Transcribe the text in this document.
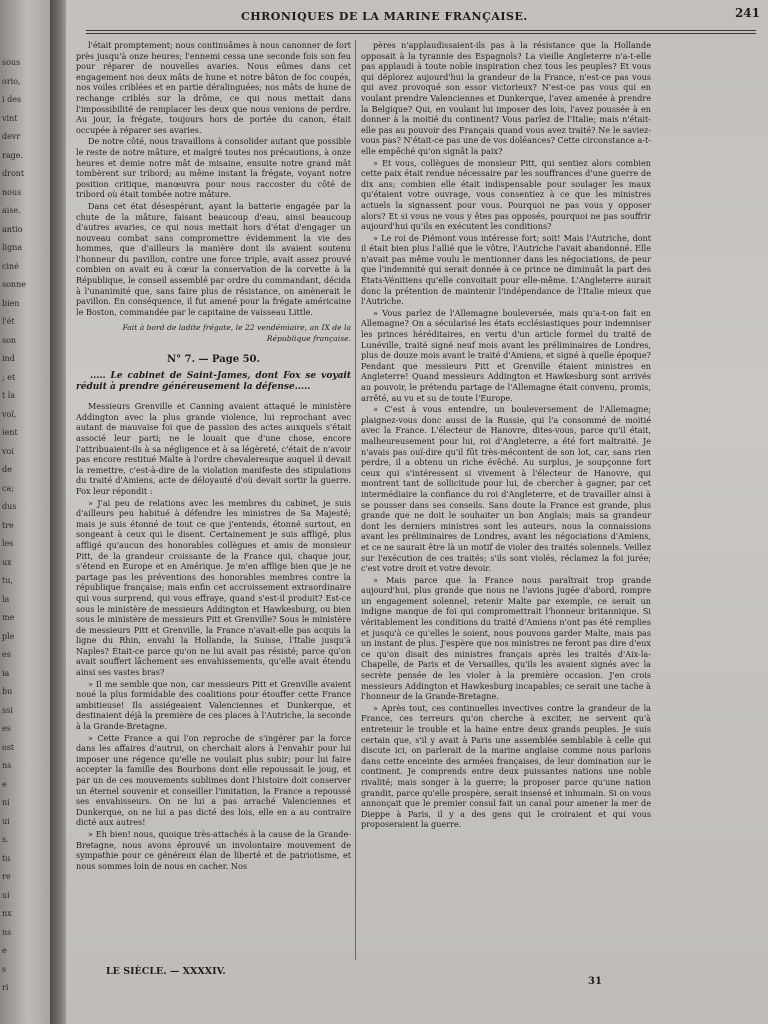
sous
orio,
i des
vint
devr
rage.
dront
nous
aise.
antio
ligna
ciné
sonne
bien
l'ét
son
ind
; et
t la
voï,
ient
voi
de
ca;
dus
tre
les
ux
tu,
la
me
ple
es
ia
bu
ssi
es
ost
ns
e
ni
ui
s.
tu
re
ui
nx
ns
e
s
ri
CHRONIQUES DE LA MARINE FRANÇAISE.	241

l'était promptement; nous continuâmes à nous canonner de fort près jusqu'à onze heures; l'ennemi cessa une seconde fois son feu pour réparer de nouvelles avaries. Nous eûmes dans cet engagement nos deux mâts de hune et notre bâton de foc coupés, nos voiles criblées et en partie déralinguées; nos mâts de hune de rechange criblés sur la drôme, ce qui nous mettait dans l'impossibilité de remplacer les deux que nous venions de perdre. Au jour, la frégate, toujours hors de portée du canon, était occupée à réparer ses avaries.

De notre côté, nous travaillons à consolider autant que possible le reste de notre mâture, et malgré toutes nos précautions, à onze heures et demie notre mât de misaine, ensuite notre grand mât tombèrent sur tribord; au même instant la frégate, voyant notre position critique, manœuvra pour nous raccoster du côté de tribord où était tombée notre mâture.

Dans cet état désespérant, ayant la batterie engagée par la chute de la mâture, faisant beaucoup d'eau, ainsi beaucoup d'autres avaries, ce qui nous mettait hors d'état d'engager un nouveau combat sans compromettre évidemment la vie des hommes, que d'ailleurs la manière dont ils avaient soutenu l'honneur du pavillon, contre une force triple, avait assez prouvé combien on avait eu à cœur la conservation de la corvette à la République, le conseil assemblé par ordre du commandant, décida à l'unanimité que, sans faire plus de résistance, on amènerait le pavillon. En conséquence, il fut amené pour la frégate américaine le Boston, commandée par le capitaine de vaisseau Little.

Fait à bord de ladite frégate, le 22 vendémiaire, an IX de la République française.

N° 7. — Page 50.

..... Le cabinet de Saint-James, dont Fox se voyait réduit à prendre généreusement la défense.....

Messieurs Grenville et Canning avaient attaqué le ministère Addington avec la plus grande violence, lui reprochant avec autant de mauvaise foi que de passion des actes auxquels s'était associé leur parti; ne le louait que d'une chose, encore l'attribuaient-ils à sa négligence et à sa légèreté, c'était de n'avoir pas encore restitué Malte à l'ordre chevaleresque auquel il devait la remettre, c'est-à-dire de la violation manifeste des stipulations du traité d'Amiens, acte de déloyauté d'où devait sortir la guerre. Fox leur répondit :

» J'ai peu de relations avec les membres du cabinet, je suis d'ailleurs peu habitué à défendre les ministres de Sa Majesté; mais je suis étonné de tout ce que j'entends, étonné surtout, en songeant à ceux qui le disent. Certainement je suis affligé, plus affligé qu'aucun des honorables collègues et amis de monsieur Pitt, de la grandeur croissante de la France qui, chaque jour, s'étend en Europe et en Amérique. Je m'en afflige bien que je ne partage pas les préventions des honorables membres contre la république française; mais enfin cet accroissement extraordinaire qui vous surprend, qui vous effraye, quand s'est-il produit? Est-ce sous le ministère de messieurs Addington et Hawkesburg, ou bien sous le ministère de messieurs Pitt et Grenville? Sous le ministère de messieurs Pitt et Grenville, la France n'avait-elle pas acquis la ligne du Rhin, envahi la Hollande, la Suisse, l'Italie jusqu'à Naples? Était-ce parce qu'on ne lui avait pas résisté; parce qu'on avait souffert lâchement ses envahissements, qu'elle avait étendu ainsi ses vastes bras?

» Il me semble que non, car messieurs Pitt et Grenville avaient noué la plus formidable des coalitions pour étouffer cette France ambitieuse! Ils assiégeaient Valenciennes et Dunkerque, et destinaient déjà la première de ces places à l'Autriche, la seconde à la Grande-Bretagne.

» Cette France a qui l'on reproche de s'ingérer par la force dans les affaires d'autrui, on cherchait alors à l'envahir pour lui imposer une régence qu'elle ne voulait plus subir; pour lui faire accepter la famille des Bourbons dont elle repoussait le joug, et par un de ces mouvements sublimes dont l'histoire doit conserver un éternel souvenir et conseiller l'imitation, la France a repoussé ses envahisseurs. On ne lui a pas arraché Valenciennes et Dunkerque, on ne lui a pas dicté des lois, elle en a au contraire dicté aux autres!

» Eh bien! nous, quoique très-attachés à la cause de la Grande-Bretagne, nous avons éprouvé un involontaire mouvement de sympathie pour ce généreux élan de liberté et de patriotisme, et nous sommes loin de nous en cacher. Nos

pères n'applaudissaient-ils pas à la résistance que la Hollande opposait à la tyrannie des Espagnols? La vieille Angleterre n'a-t-elle pas applaudi à toute noble inspiration chez tous les peuples? Et vous qui déplorez aujourd'hui la grandeur de la France, n'est-ce pas vous qui avez provoqué son essor victorieux? N'est-ce pas vous qui en voulant prendre Valenciennes et Dunkerque, l'avez amenée à prendre la Belgique? Qui, en voulant lui imposer des lois, l'avez poussée à en donner à la moitié du continent? Vous parlez de l'Italie; mais n'était-elle pas au pouvoir des Français quand vous avez traité? Ne le saviez-vous pas? N'était-ce pas une de vos doléances? Cette circonstance a-t-elle empêché qu'on signât la paix?

» Et vous, collègues de monsieur Pitt, qui sentiez alors combien cette paix était rendue nécessaire par les souffrances d'une guerre de dix ans; combien elle était indispensable pour soulager les maux qu'étaient votre ouvrage, vous consentiez à ce que les ministres actuels la signassent pour vous. Pourquoi ne pas vous y opposer alors? Et si vous ne vous y êtes pas opposés, pourquoi ne pas souffrir aujourd'hui qu'ils en exécutent les conditions?

» Le roi de Piémont vous intéresse fort; soit! Mais l'Autriche, dont il était bien plus l'allié que le vôtre, l'Autriche l'avait abandonné. Elle n'avait pas même voulu le mentionner dans les négociations, de peur que l'indemnité qui serait donnée à ce prince ne diminuât la part des États-Vénitiens qu'elle convoitait pour elle-même. L'Angleterre aurait donc la prétention de maintenir l'indépendance de l'Italie mieux que l'Autriche.

» Vous parlez de l'Allemagne bouleversée, mais qu'a-t-on fait en Allemagne? On a sécularisé les états ecclésiastiques pour indemniser les princes héréditaires, en vertu d'un article formel du traité de Lunéville, traité signé neuf mois avant les préliminaires de Londres, plus de douze mois avant le traité d'Amiens, et signé à quelle époque? Pendant que messieurs Pitt et Grenville étaient ministres en Angleterre! Quand messieurs Addington et Hawkesburg sont arrivés au pouvoir, le prétendu partage de l'Allemagne était convenu, promis, arrêté, au vu et su de toute l'Europe.

» C'est à vous entendre, un bouleversement de l'Allemagne; plaignez-vous donc aussi de la Russie, qui l'a consommé de moitié avec la France. L'électeur de Hanovre, dites-vous, parce qu'il était, malheureusement pour lui, roi d'Angleterre, a été fort maltraité. Je n'avais pas ouï-dire qu'il fût très-mécontent de son lot, car, sans rien perdre, il a obtenu un riche évêché. Au surplus, je soupçonne fort ceux qui s'intéressent si vivement à l'électeur de Hanovre, qui montrent tant de sollicitude pour lui, de chercher à gagner, par cet intermédiaire la confiance du roi d'Angleterre, et de travailler ainsi à se pousser dans ses conseils. Sans doute la France est grande, plus grande que ne doit le souhaiter un bon Anglais; mais sa grandeur dont les derniers ministres sont les auteurs, nous la connaissions avant les préliminaires de Londres, avant les négociations d'Amiens, et ce ne saurait être là un motif de violer des traités solennels. Veillez sur l'exécution de ces traités; s'ils sont violés, réclamez la foi jurée; c'est votre droit et votre devoir.

» Mais parce que la France nous paraîtrait trop grande aujourd'hui, plus grande que nous ne l'avions jugée d'abord, rompre un engagement solennel, retenir Malte par exemple, ce serait un indigne manque de foi qui compromettrait l'honneur britannique. Si véritablement les conditions du traité d'Amiens n'ont pas été remplies et jusqu'à ce qu'elles le soient, nous pouvons garder Malte, mais pas un instant de plus. J'espère que nos ministres ne feront pas dire d'eux ce qu'on disait des ministres français après les traités d'Aix-la-Chapelle, de Paris et de Versailles, qu'ils les avaient signés avec la secrète pensée de les violer à la première occasion. J'en crois messieurs Addington et Hawkesburg incapables; ce serait une tache à l'honneur de la Grande-Bretagne.

» Après tout, ces continuelles invectives contre la grandeur de la France, ces terreurs qu'on cherche à exciter, ne servent qu'à entretenir le trouble et la haine entre deux grands peuples. Je suis certain que, s'il y avait à Paris une assemblée semblable à celle qui discute ici, on parlerait de la marine anglaise comme nous parlons dans cette enceinte des armées françaises, de leur domination sur le continent. Je comprends entre deux puissantes nations une noble rivalité; mais songer à la guerre; la proposer parce qu'une nation grandit, parce qu'elle prospère, serait insensé et inhumain. Si on vous annonçait que le premier consul fait un canal pour amener la mer de Dieppe à Paris, il y a des gens qui le croiraient et qui vous proposeraient la guerre.

LE SIÈCLE. — XXXXIV.
31
